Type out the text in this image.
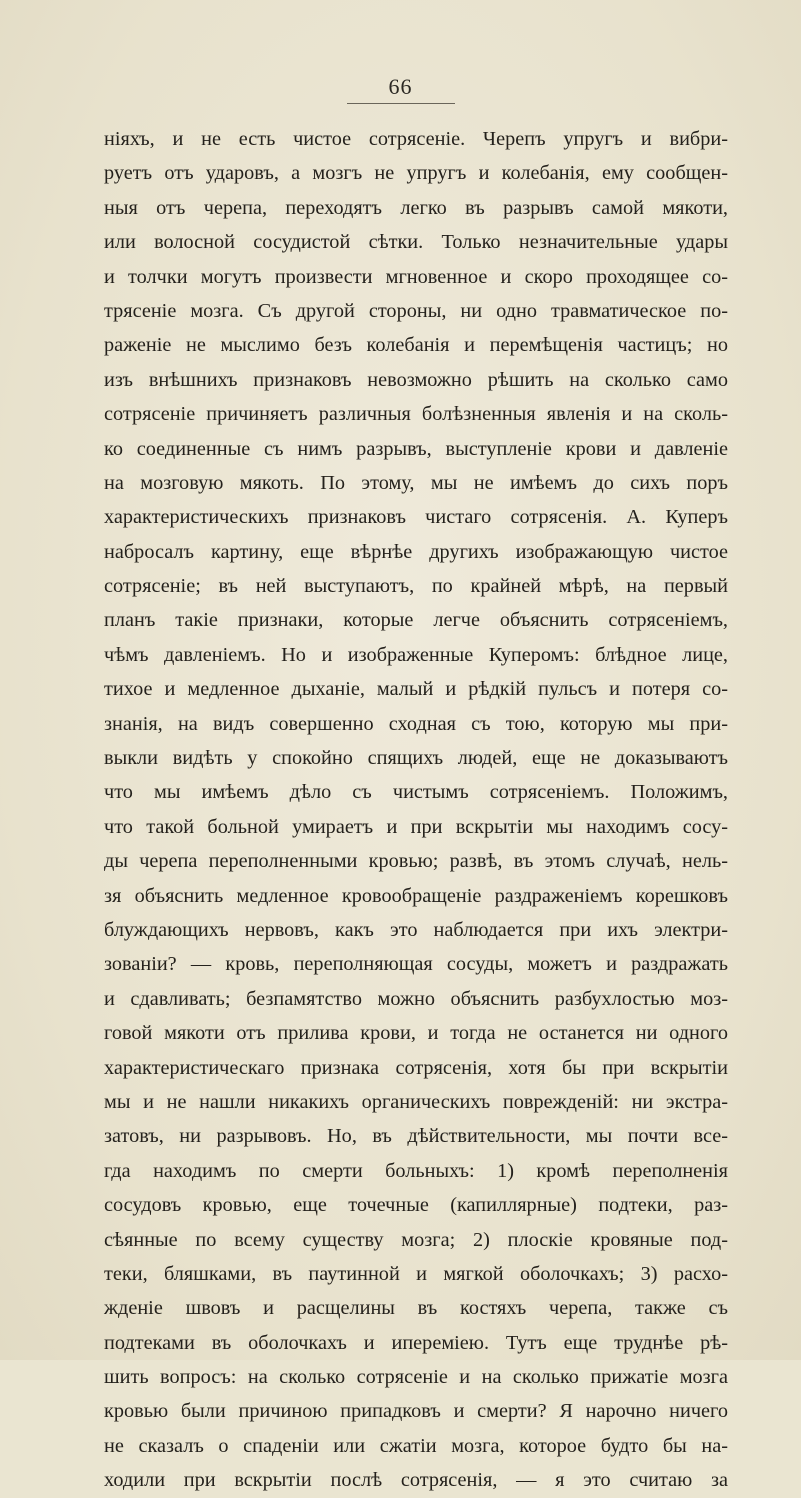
66
ніяхъ, и не есть чистое сотрясеніе. Черепъ упругъ и вибри-
руетъ отъ ударовъ, а мозгъ не упругъ и колебанія, ему сообщен-
ныя отъ черепа, переходятъ легко въ разрывъ самой мякоти,
или волосной сосудистой сѣтки. Только незначительные удары
и толчки могутъ произвести мгновенное и скоро проходящее со-
трясеніе мозга. Съ другой стороны, ни одно травматическое по-
раженіе не мыслимо безъ колебанія и перемѣщенія частицъ; но
изъ внѣшнихъ признаковъ невозможно рѣшить на сколько само
сотрясеніе причиняетъ различныя болѣзненныя явленія и на сколь-
ко соединенные съ нимъ разрывъ, выступленіе крови и давленіе
на мозговую мякоть. По этому, мы не имѣемъ до сихъ поръ
характеристическихъ признаковъ чистаго сотрясенія. А. Куперъ
набросалъ картину, еще вѣрнѣе другихъ изображающую чистое
сотрясеніе; въ ней выступаютъ, по крайней мѣрѣ, на первый
планъ такіе признаки, которые легче объяснить сотрясеніемъ,
чѣмъ давленіемъ. Но и изображенные Куперомъ: блѣдное лице,
тихое и медленное дыханіе, малый и рѣдкій пульсъ и потеря со-
знанія, на видъ совершенно сходная съ тою, которую мы при-
выкли видѣть у спокойно спящихъ людей, еще не доказываютъ
что мы имѣемъ дѣло съ чистымъ сотрясеніемъ. Положимъ,
что такой больной умираетъ и при вскрытіи мы находимъ сосу-
ды черепа переполненными кровью; развѣ, въ этомъ случаѣ, нель-
зя объяснить медленное кровообращеніе раздраженіемъ корешковъ
блуждающихъ нервовъ, какъ это наблюдается при ихъ электри-
зованіи? — кровь, переполняющая сосуды, можетъ и раздражать
и сдавливать; безпамятство можно объяснить разбухлостью моз-
говой мякоти отъ прилива крови, и тогда не останется ни одного
характеристическаго признака сотрясенія, хотя бы при вскрытіи
мы и не нашли никакихъ органическихъ поврежденій: ни экстра-
затовъ, ни разрывовъ. Но, въ дѣйствительности, мы почти все-
гда находимъ по смерти больныхъ: 1) кромѣ переполненія
сосудовъ кровью, еще точечные (капиллярные) подтеки, раз-
сѣянные по всему существу мозга; 2) плоскіе кровяные под-
теки, бляшками, въ паутинной и мягкой оболочкахъ; 3) расхо-
жденіе швовъ и расщелины въ костяхъ черепа, также съ
подтеками въ оболочкахъ и ипереміею. Тутъ еще труднѣе рѣ-
шить вопросъ: на сколько сотрясеніе и на сколько прижатіе мозга
кровью были причиною припадковъ и смерти? Я нарочно ничего
не сказалъ о спаденіи или сжатіи мозга, которое будто бы на-
ходили при вскрытіи послѣ сотрясенія, — я это считаю за
